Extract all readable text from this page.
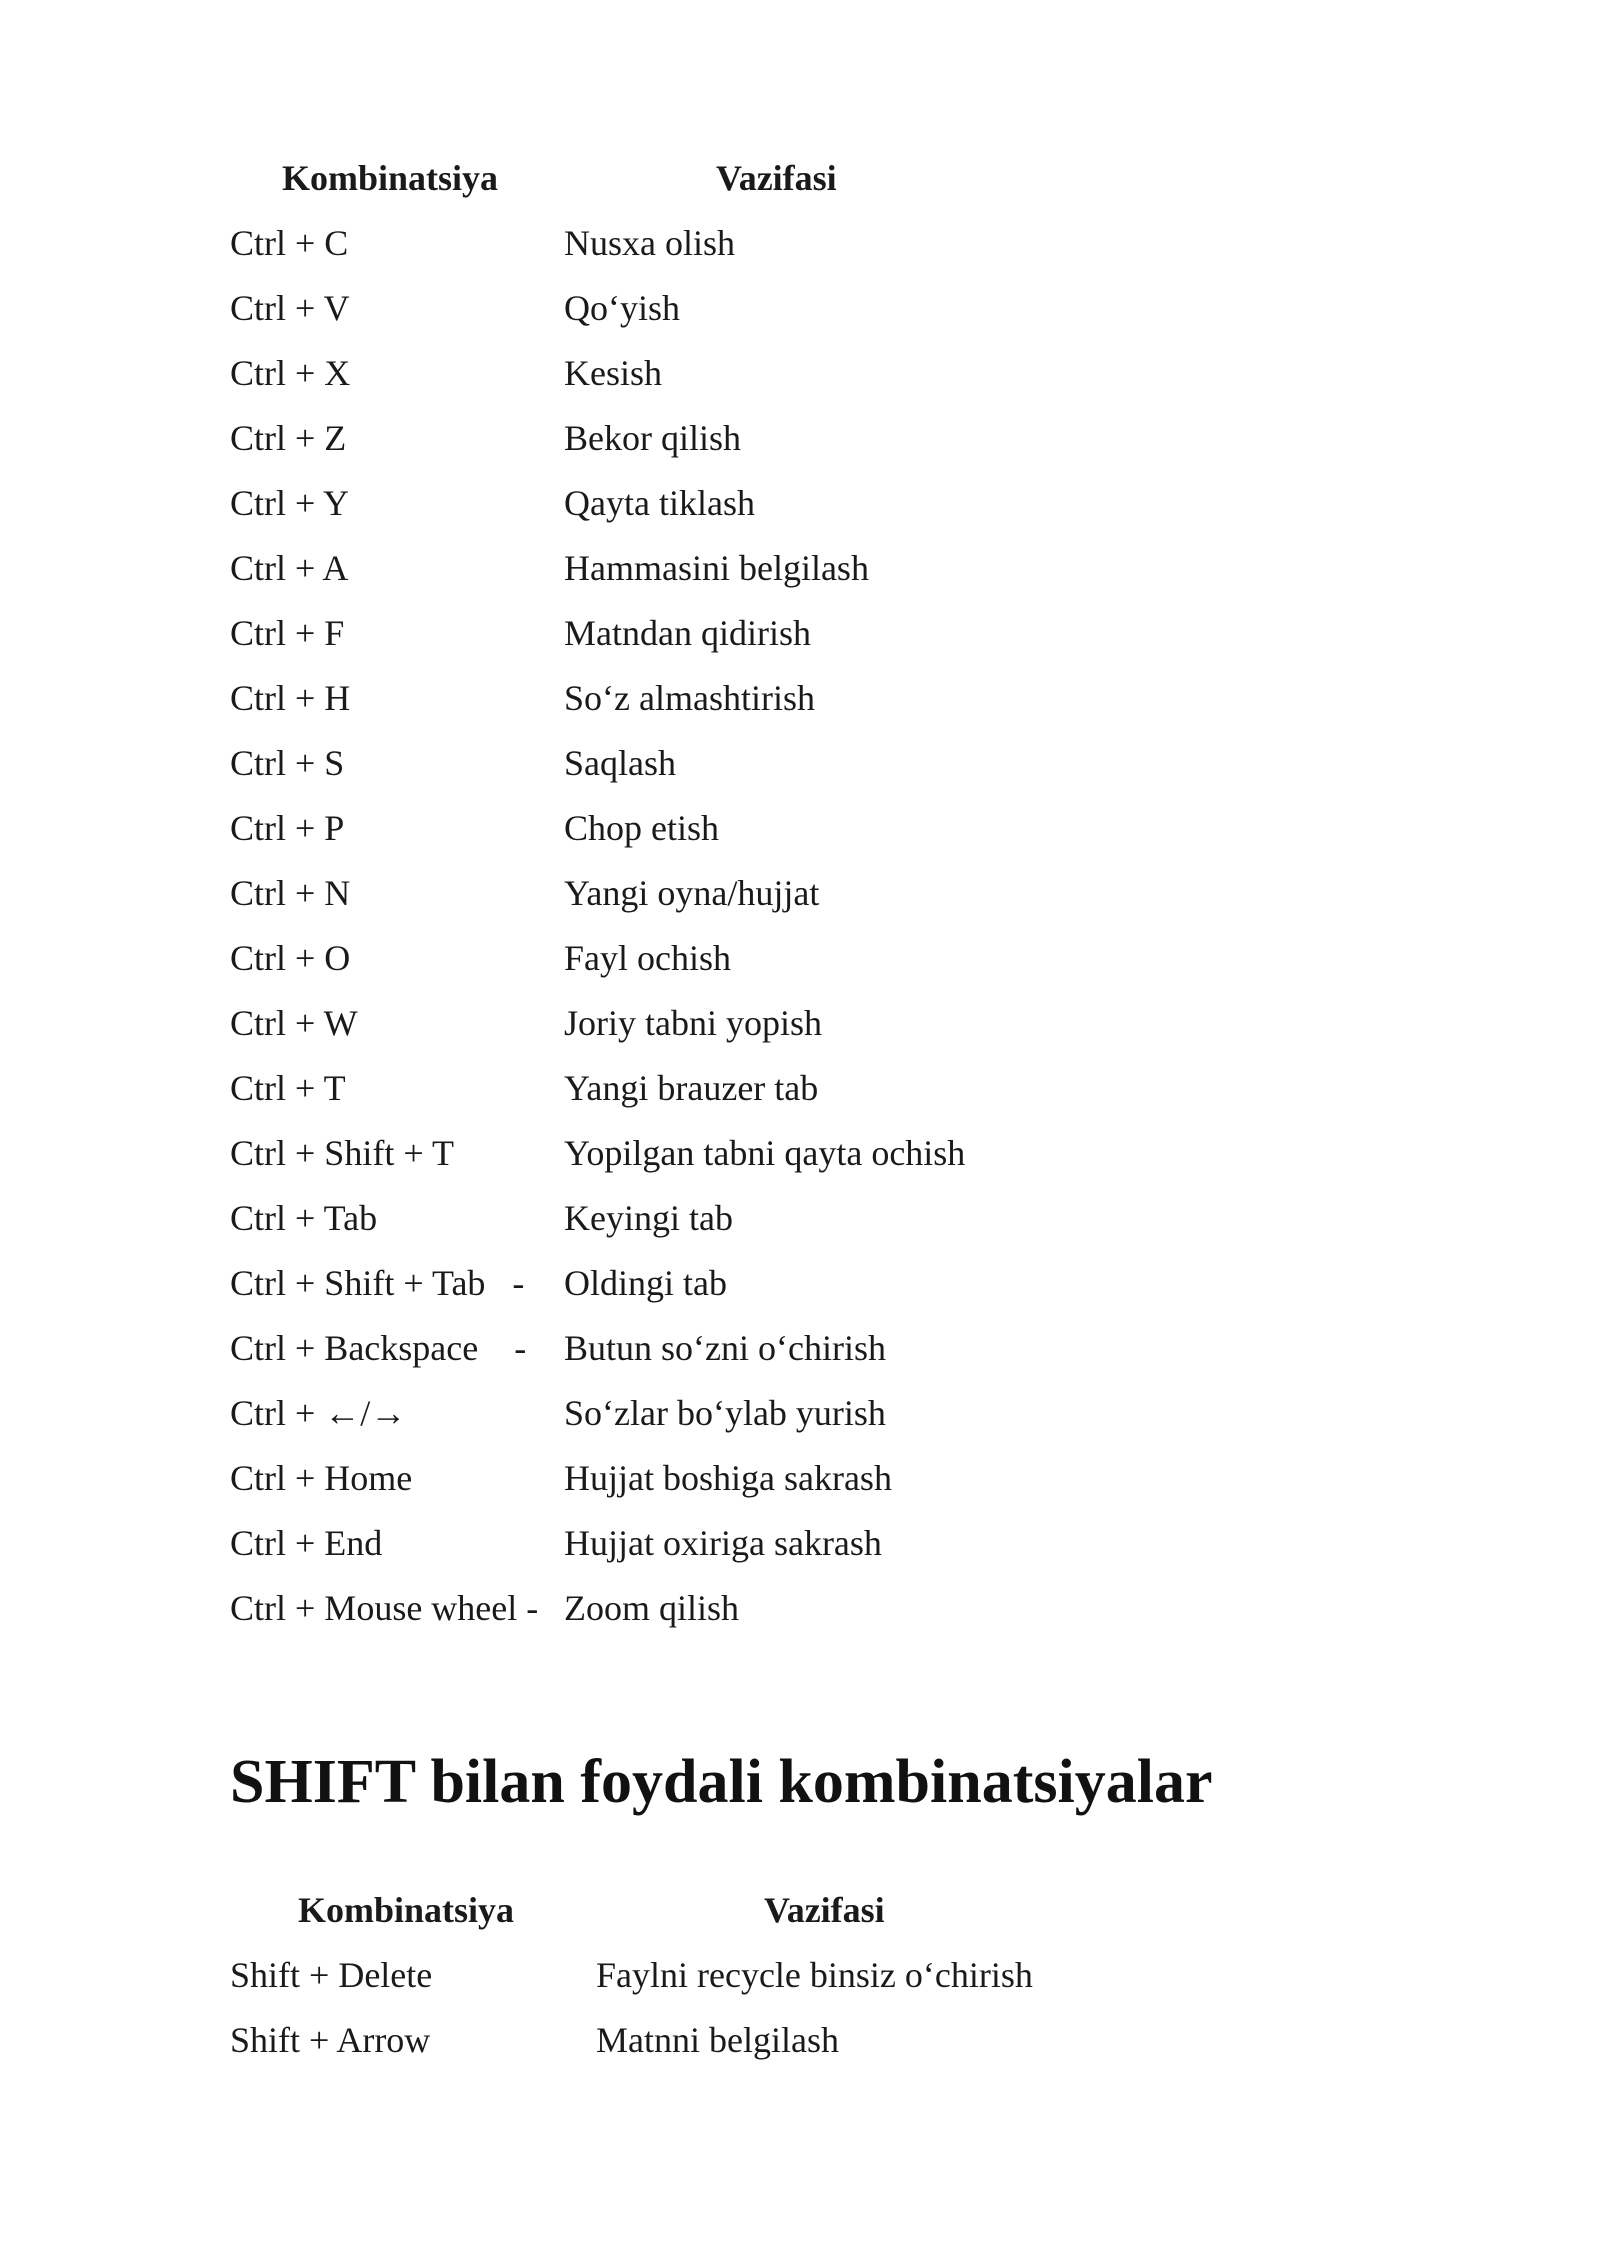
Kombinatsiya	Vazifasi
Ctrl + C	Nusxa olish
Ctrl + V	Qo‘yish
Ctrl + X	Kesish
Ctrl + Z	Bekor qilish
Ctrl + Y	Qayta tiklash
Ctrl + A	Hammasini belgilash
Ctrl + F	Matndan qidirish
Ctrl + H	So‘z almashtirish
Ctrl + S	Saqlash
Ctrl + P	Chop etish
Ctrl + N	Yangi oyna/hujjat
Ctrl + O	Fayl ochish
Ctrl + W	Joriy tabni yopish
Ctrl + T	Yangi brauzer tab
Ctrl + Shift + T	Yopilgan tabni qayta ochish
Ctrl + Tab	Keyingi tab
Ctrl + Shift + Tab   - Oldingi tab
Ctrl + Backspace    - Butun so‘zni o‘chirish
Ctrl + ←/→	So‘zlar bo‘ylab yurish
Ctrl + Home	Hujjat boshiga sakrash
Ctrl + End	Hujjat oxiriga sakrash
Ctrl + Mouse wheel - Zoom qilish
SHIFT bilan foydali kombinatsiyalar
Kombinatsiya	Vazifasi
Shift + Delete	Faylni recycle binsiz o‘chirish
Shift + Arrow	Matnni belgilash
